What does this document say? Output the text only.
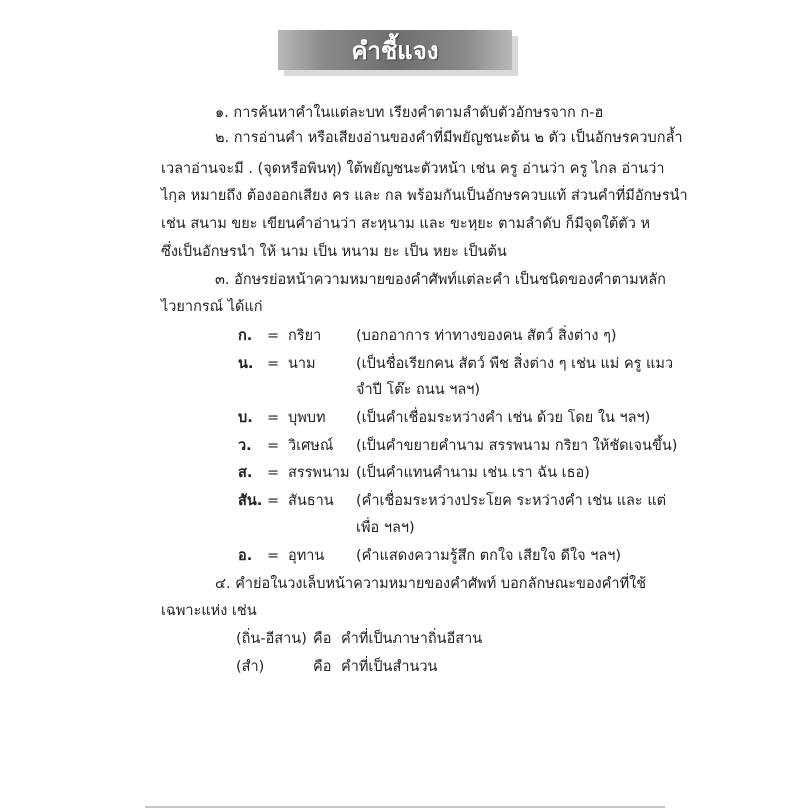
คำชี้แจง
๑. การค้นหาคำในแต่ละบท เรียงคำตามลำดับตัวอักษรจาก ก-ฮ
๒. การอ่านคำ หรือเสียงอ่านของคำที่มีพยัญชนะต้น ๒ ตัว เป็นอักษรควบกล้ำ
เวลาอ่านจะมี . (จุดหรือพินทุ) ใต้พยัญชนะตัวหน้า เช่น ครู อ่านว่า ครู ไกล อ่านว่า
ไกฺล หมายถึง ต้องออกเสียง คร และ กล พร้อมกันเป็นอักษรควบแท้ ส่วนคำที่มีอักษรนำ
เช่น สนาม ขยะ เขียนคำอ่านว่า สะหฺนาม และ ขะหฺยะ ตามลำดับ ก็มีจุดใต้ตัว ห
ซึ่งเป็นอักษรนำ ให้ นาม เป็น หนาม ยะ เป็น หยะ เป็นต้น
๓. อักษรย่อหน้าความหมายของคำศัพท์แต่ละคำ เป็นชนิดของคำตามหลัก
ไวยากรณ์ ได้แก่
ก. = กริยา (บอกอาการ ท่าทางของคน สัตว์ สิ่งต่าง ๆ)
น. = นาม	(เป็นชื่อเรียกคน สัตว์ พืช สิ่งต่าง ๆ เช่น แม่ ครู แมว
จำปี โต๊ะ ถนน ฯลฯ)
บ. = บุพบท (เป็นคำเชื่อมระหว่างคำ เช่น ด้วย โดย ใน ฯลฯ)
ว. = วิเศษณ์ (เป็นคำขยายคำนาม สรรพนาม กริยา ให้ชัดเจนขึ้น)
ส. = สรรพนาม (เป็นคำแทนคำนาม เช่น เรา ฉัน เธอ)
สัน. = สันธาน (คำเชื่อมระหว่างประโยค ระหว่างคำ เช่น และ แต่
เพื่อ ฯลฯ)
อ. = อุทาน (คำแสดงความรู้สึก ตกใจ เสียใจ ดีใจ ฯลฯ)
๔. คำย่อในวงเล็บหน้าความหมายของคำศัพท์ บอกลักษณะของคำที่ใช้
เฉพาะแห่ง เช่น
(ถิ่น-อีสาน) คือ คำที่เป็นภาษาถิ่นอีสาน
(สำ)	คือ คำที่เป็นสำนวน
